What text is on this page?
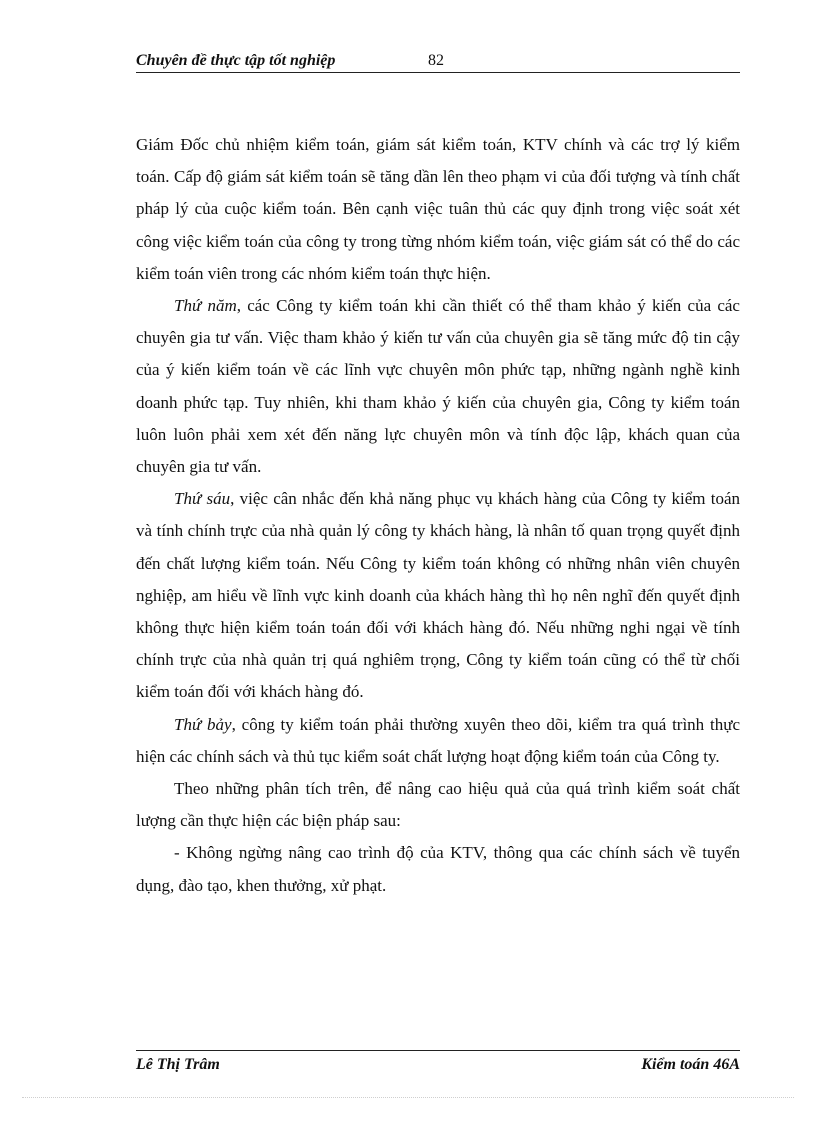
Chuyên đề thực tập tốt nghiệp	82

Giám Đốc chủ nhiệm kiểm toán, giám sát kiểm toán, KTV chính và các trợ lý kiểm toán. Cấp độ giám sát kiểm toán sẽ tăng dần lên theo phạm vi của đối tượng và tính chất pháp lý của cuộc kiểm toán. Bên cạnh việc tuân thủ các quy định trong việc soát xét công việc kiểm toán của công ty trong từng nhóm kiểm toán, việc giám sát có thể do các kiểm toán viên trong các nhóm kiểm toán thực hiện.

Thứ năm, các Công ty kiểm toán khi cần thiết có thể tham khảo ý kiến của các chuyên gia tư vấn. Việc tham khảo ý kiến tư vấn của chuyên gia sẽ tăng mức độ tin cậy của ý kiến kiểm toán về các lĩnh vực chuyên môn phức tạp, những ngành nghề kinh doanh phức tạp. Tuy nhiên, khi tham khảo ý kiến của chuyên gia, Công ty kiểm toán luôn luôn phải xem xét đến năng lực chuyên môn và tính độc lập, khách quan của chuyên gia tư vấn.

Thứ sáu, việc cân nhắc đến khả năng phục vụ khách hàng của Công ty kiểm toán và tính chính trực của nhà quản lý công ty khách hàng, là nhân tố quan trọng quyết định đến chất lượng kiểm toán. Nếu Công ty kiểm toán không có những nhân viên chuyên nghiệp, am hiểu về lĩnh vực kinh doanh của khách hàng thì họ nên nghĩ đến quyết định không thực hiện kiểm toán toán đối với khách hàng đó. Nếu những nghi ngại về tính chính trực của nhà quản trị quá nghiêm trọng, Công ty kiểm toán cũng có thể từ chối kiểm toán đối với khách hàng đó.

Thứ bảy, công ty kiểm toán phải thường xuyên theo dõi, kiểm tra quá trình thực hiện các chính sách và thủ tục kiểm soát chất lượng hoạt động kiểm toán của Công ty.

Theo những phân tích trên, để nâng cao hiệu quả của quá trình kiểm soát chất lượng cần thực hiện các biện pháp sau:

- Không ngừng nâng cao trình độ của KTV, thông qua các chính sách về tuyển dụng, đào tạo, khen thưởng, xử phạt.

Lê Thị Trâm	Kiểm toán 46A
